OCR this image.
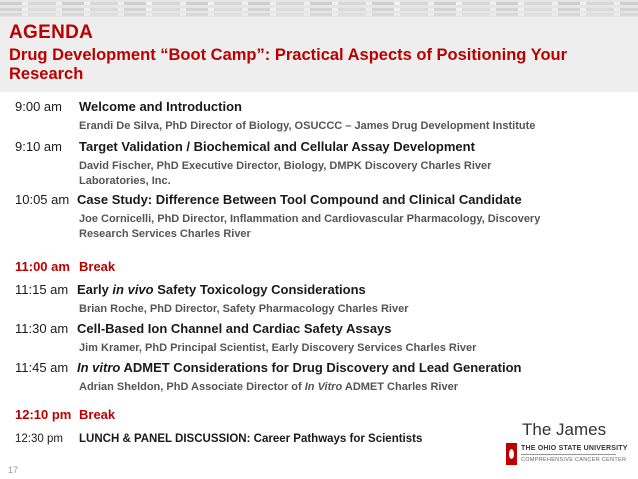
AGENDA
Drug Development “Boot Camp”: Practical Aspects of Positioning Your Research
9:00 am Welcome and Introduction
Erandi De Silva, PhD Director of Biology, OSUCCC – James Drug Development Institute
9:10 am Target Validation / Biochemical and Cellular Assay Development
David Fischer, PhD Executive Director, Biology, DMPK Discovery Charles River Laboratories, Inc.
10:05 am Case Study: Difference Between Tool Compound and Clinical Candidate
Joe Cornicelli, PhD Director, Inflammation and Cardiovascular Pharmacology, Discovery Research Services Charles River
11:00 am Break
11:15 am Early in vivo Safety Toxicology Considerations
Brian Roche, PhD Director, Safety Pharmacology Charles River
11:30 am Cell-Based Ion Channel and Cardiac Safety Assays
Jim Kramer, PhD Principal Scientist, Early Discovery Services Charles River
11:45 am In vitro ADMET Considerations for Drug Discovery and Lead Generation
Adrian Sheldon, PhD Associate Director of In Vitro ADMET Charles River
12:10 pm Break
12:30 pm LUNCH & PANEL DISCUSSION: Career Pathways for Scientists	The James
THE OHIO STATE UNIVERSITY
COMPREHENSIVE CANCER CENTER
17
